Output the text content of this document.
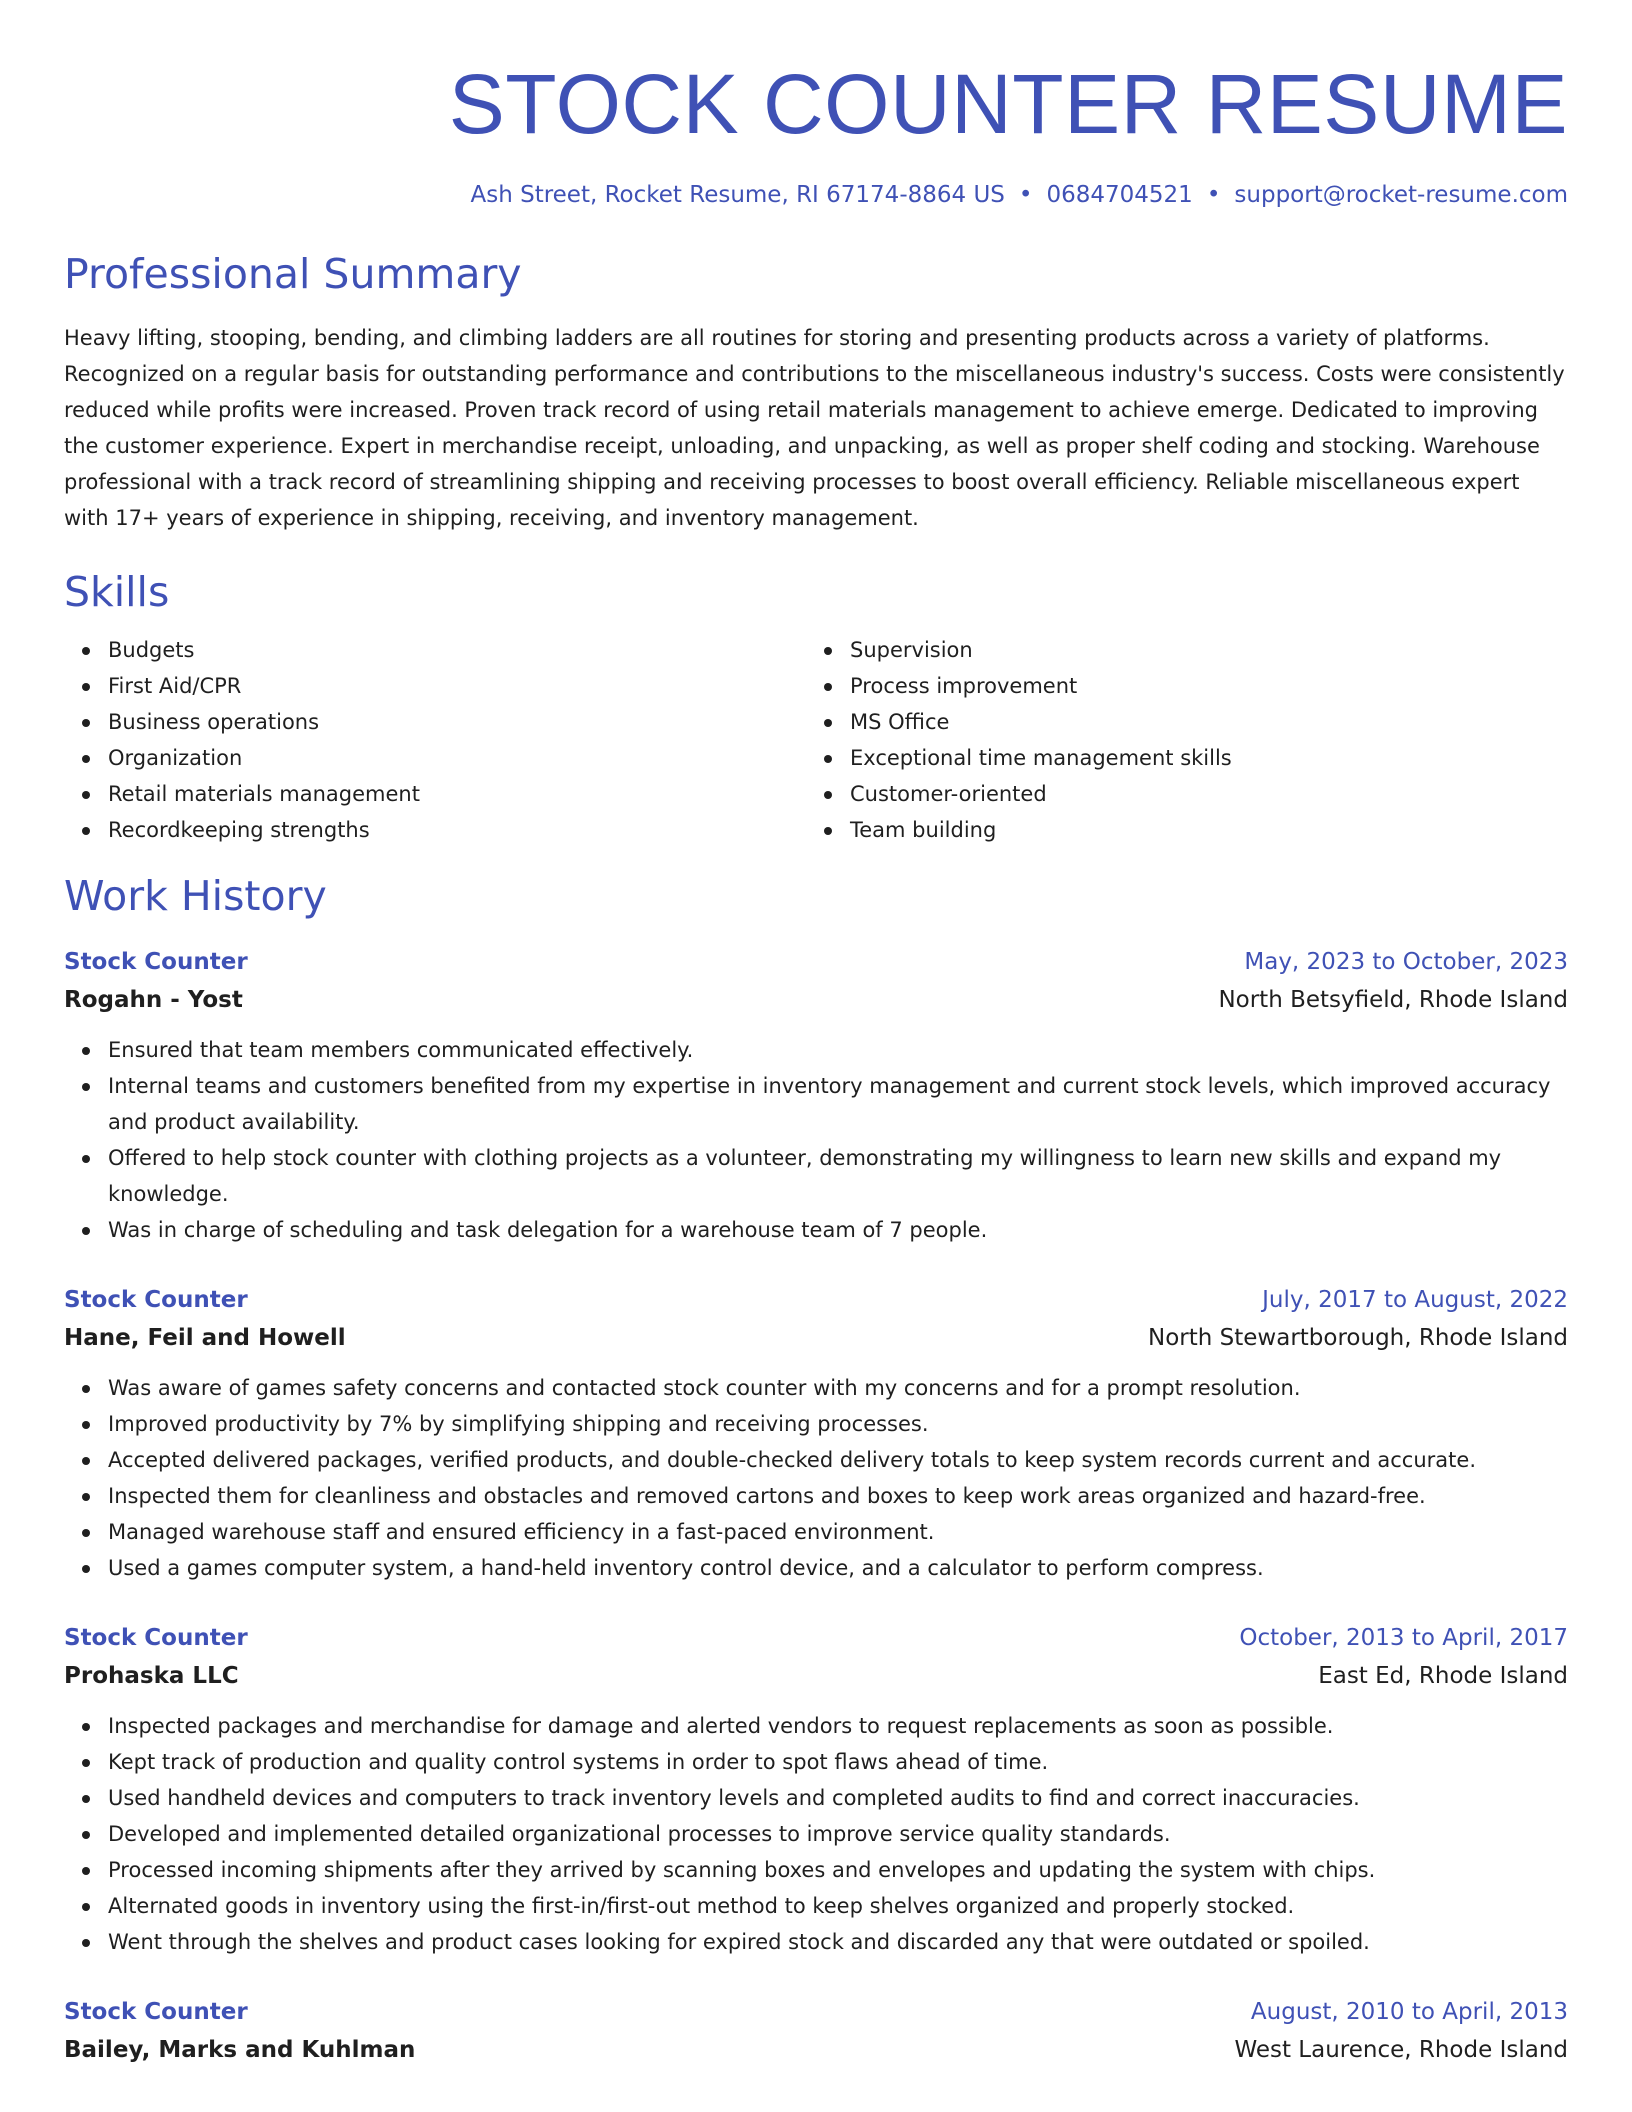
STOCK COUNTER RESUME
Ash Street, Rocket Resume, RI 67174-8864 US • 0684704521 • support@rocket-resume.com
Professional Summary

Heavy lifting, stooping, bending, and climbing ladders are all routines for storing and presenting products across a variety of platforms. Recognized on a regular basis for outstanding performance and contributions to the miscellaneous industry's success. Costs were consistently reduced while profits were increased. Proven track record of using retail materials management to achieve emerge. Dedicated to improving the customer experience. Expert in merchandise receipt, unloading, and unpacking, as well as proper shelf coding and stocking. Warehouse professional with a track record of streamlining shipping and receiving processes to boost overall efficiency. Reliable miscellaneous expert with 17+ years of experience in shipping, receiving, and inventory management.

Skills
Budgets
First Aid/CPR
Business operations
Organization
Retail materials management
Recordkeeping strengths
Supervision
Process improvement
MS Office
Exceptional time management skills
Customer-oriented
Team building
Work History
Stock Counter	May, 2023 to October, 2023
Rogahn - Yost	North Betsyfield, Rhode Island
Ensured that team members communicated effectively.
Internal teams and customers benefited from my expertise in inventory management and current stock levels, which improved accuracy and product availability.
Offered to help stock counter with clothing projects as a volunteer, demonstrating my willingness to learn new skills and expand my knowledge.
Was in charge of scheduling and task delegation for a warehouse team of 7 people.
Stock Counter	July, 2017 to August, 2022
Hane, Feil and Howell	North Stewartborough, Rhode Island
Was aware of games safety concerns and contacted stock counter with my concerns and for a prompt resolution.
Improved productivity by 7% by simplifying shipping and receiving processes.
Accepted delivered packages, verified products, and double-checked delivery totals to keep system records current and accurate.
Inspected them for cleanliness and obstacles and removed cartons and boxes to keep work areas organized and hazard-free.
Managed warehouse staff and ensured efficiency in a fast-paced environment.
Used a games computer system, a hand-held inventory control device, and a calculator to perform compress.
Stock Counter	October, 2013 to April, 2017
Prohaska LLC	East Ed, Rhode Island
Inspected packages and merchandise for damage and alerted vendors to request replacements as soon as possible.
Kept track of production and quality control systems in order to spot flaws ahead of time.
Used handheld devices and computers to track inventory levels and completed audits to find and correct inaccuracies.
Developed and implemented detailed organizational processes to improve service quality standards.
Processed incoming shipments after they arrived by scanning boxes and envelopes and updating the system with chips.
Alternated goods in inventory using the first-in/first-out method to keep shelves organized and properly stocked.
Went through the shelves and product cases looking for expired stock and discarded any that were outdated or spoiled.
Stock Counter	August, 2010 to April, 2013
Bailey, Marks and Kuhlman	West Laurence, Rhode Island
